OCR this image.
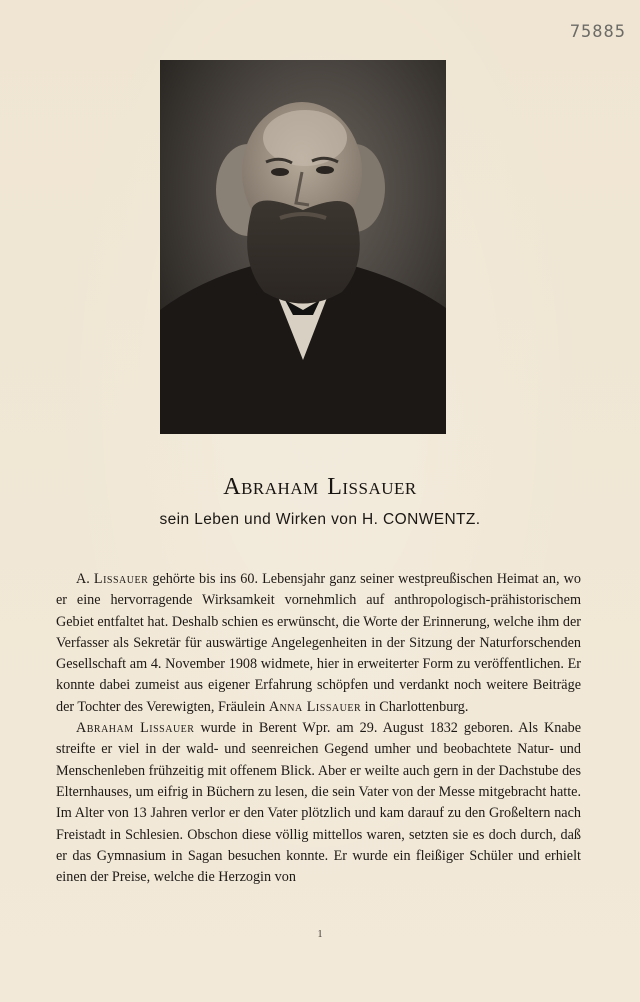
75885
Abraham Lissauer
sein Leben und Wirken von H. CONWENTZ.

A. Lissauer gehörte bis ins 60. Lebensjahr ganz seiner westpreußischen Heimat an, wo er eine hervorragende Wirksamkeit vornehmlich auf anthropologisch-prähistorischem Gebiet entfaltet hat. Deshalb schien es erwünscht, die Worte der Erinnerung, welche ihm der Verfasser als Sekretär für auswärtige Angelegenheiten in der Sitzung der Naturforschenden Gesellschaft am 4. November 1908 widmete, hier in erweiterter Form zu veröffentlichen. Er konnte dabei zumeist aus eigener Erfahrung schöpfen und verdankt noch weitere Beiträge der Tochter des Verewigten, Fräulein Anna Lissauer in Charlottenburg.

Abraham Lissauer wurde in Berent Wpr. am 29. August 1832 geboren. Als Knabe streifte er viel in der wald- und seenreichen Gegend umher und beobachtete Natur- und Menschenleben frühzeitig mit offenem Blick. Aber er weilte auch gern in der Dachstube des Elternhauses, um eifrig in Büchern zu lesen, die sein Vater von der Messe mitgebracht hatte. Im Alter von 13 Jahren verlor er den Vater plötzlich und kam darauf zu den Großeltern nach Freistadt in Schlesien. Obschon diese völlig mittellos waren, setzten sie es doch durch, daß er das Gymnasium in Sagan besuchen konnte. Er wurde ein fleißiger Schüler und erhielt einen der Preise, welche die Herzogin von

1
